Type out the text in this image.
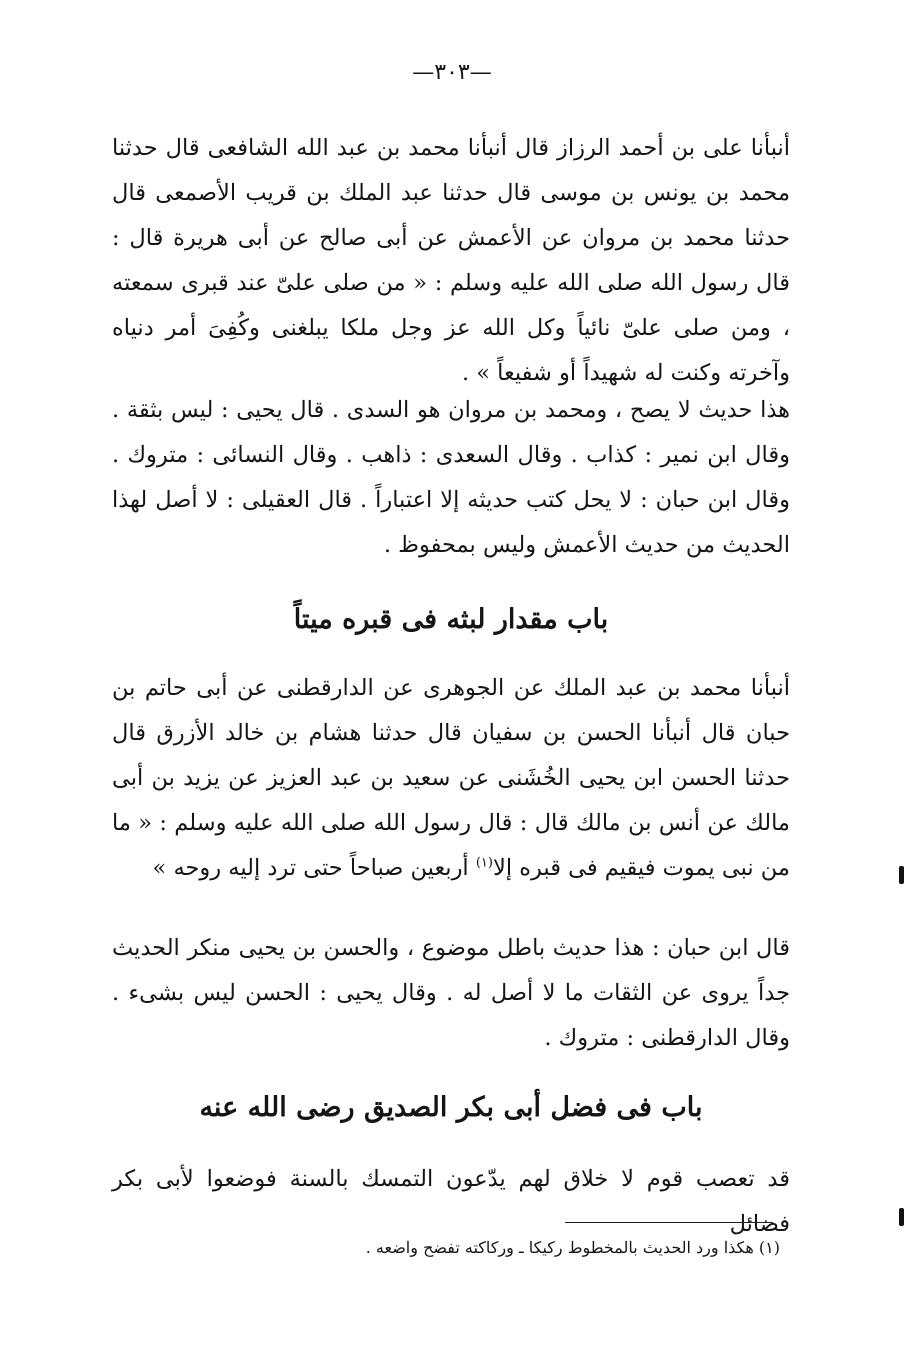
—٣٠٣—

أنبأنا على بن أحمد الرزاز قال أنبأنا محمد بن عبد الله الشافعى قال حدثنا محمد بن يونس بن موسى قال حدثنا عبد الملك بن قريب الأصمعى قال حدثنا محمد بن مروان عن الأعمش عن أبى صالح عن أبى هريرة قال : قال رسول الله صلى الله عليه وسلم : « من صلى علىّ عند قبرى سمعته ، ومن صلى علىّ نائياً وكل الله عز وجل ملكا يبلغنى وكُفِىَ أمر دنياه وآخرته وكنت له شهيداً أو شفيعاً » .

هذا حديث لا يصح ، ومحمد بن مروان هو السدى . قال يحيى : ليس بثقة . وقال ابن نمير : كذاب . وقال السعدى : ذاهب . وقال النسائى : متروك . وقال ابن حبان : لا يحل كتب حديثه إلا اعتباراً . قال العقيلى : لا أصل لهذا الحديث من حديث الأعمش وليس بمحفوظ .

باب مقدار لبثه فى قبره ميتاً

أنبأنا محمد بن عبد الملك عن الجوهرى عن الدارقطنى عن أبى حاتم بن حبان قال أنبأنا الحسن بن سفيان قال حدثنا هشام بن خالد الأزرق قال حدثنا الحسن ابن يحيى الخُشَنى عن سعيد بن عبد العزيز عن يزيد بن أبى مالك عن أنس بن مالك قال : قال رسول الله صلى الله عليه وسلم : « ما من نبى يموت فيقيم فى قبره إلا$^{(١)}$ أربعين صباحاً حتى ترد إليه روحه »

قال ابن حبان : هذا حديث باطل موضوع ، والحسن بن يحيى منكر الحديث جداً يروى عن الثقات ما لا أصل له . وقال يحيى : الحسن ليس بشىء . وقال الدارقطنى : متروك .

باب فى فضل أبى بكر الصديق رضى الله عنه

قد تعصب قوم لا خلاق لهم يدّعون التمسك بالسنة فوضعوا لأبى بكر فضائل

(١) هكذا ورد الحديث بالمخطوط ركيكا ـ وركاكته تفضح واضعه .
